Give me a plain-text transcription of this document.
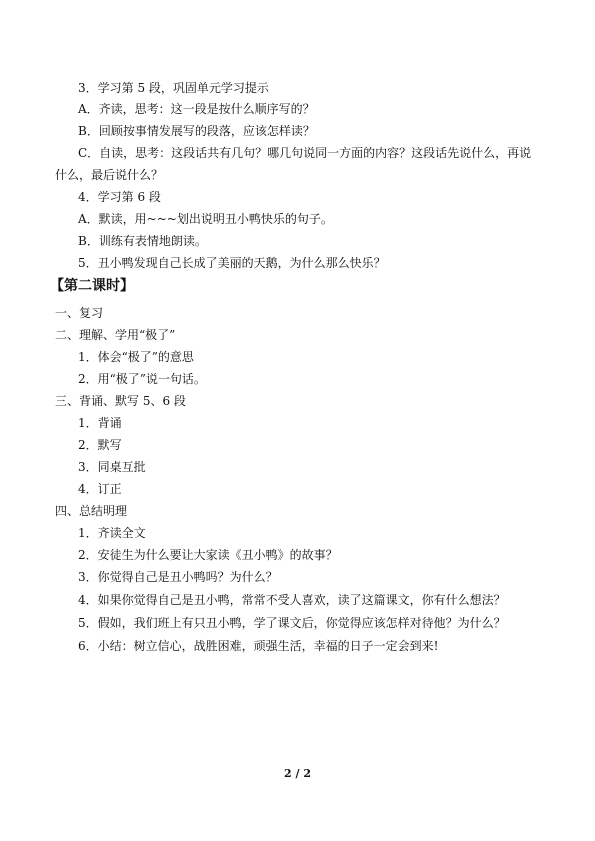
3．学习第 5 段，巩固单元学习提示
A．齐读，思考：这一段是按什么顺序写的？
B．回顾按事情发展写的段落，应该怎样读？
C．自读，思考：这段话共有几句？哪几句说同一方面的内容？这段话先说什么，再说
什么，最后说什么？
4．学习第 6 段
A．默读，用~~~划出说明丑小鸭快乐的句子。
B．训练有表情地朗读。
5．丑小鸭发现自己长成了美丽的天鹅，为什么那么快乐？
【第二课时】
一、复习
二、理解、学用“极了”
1．体会“极了”的意思
2．用“极了”说一句话。
三、背诵、默写 5、6 段
1．背诵
2．默写
3．同桌互批
4．订正
四、总结明理
1．齐读全文
2．安徒生为什么要让大家读《丑小鸭》的故事？
3．你觉得自己是丑小鸭吗？为什么？
4．如果你觉得自己是丑小鸭，常常不受人喜欢，读了这篇课文，你有什么想法？
5．假如，我们班上有只丑小鸭，学了课文后，你觉得应该怎样对待他？为什么？
6．小结：树立信心，战胜困难，顽强生活，幸福的日子一定会到来!
2 / 2
